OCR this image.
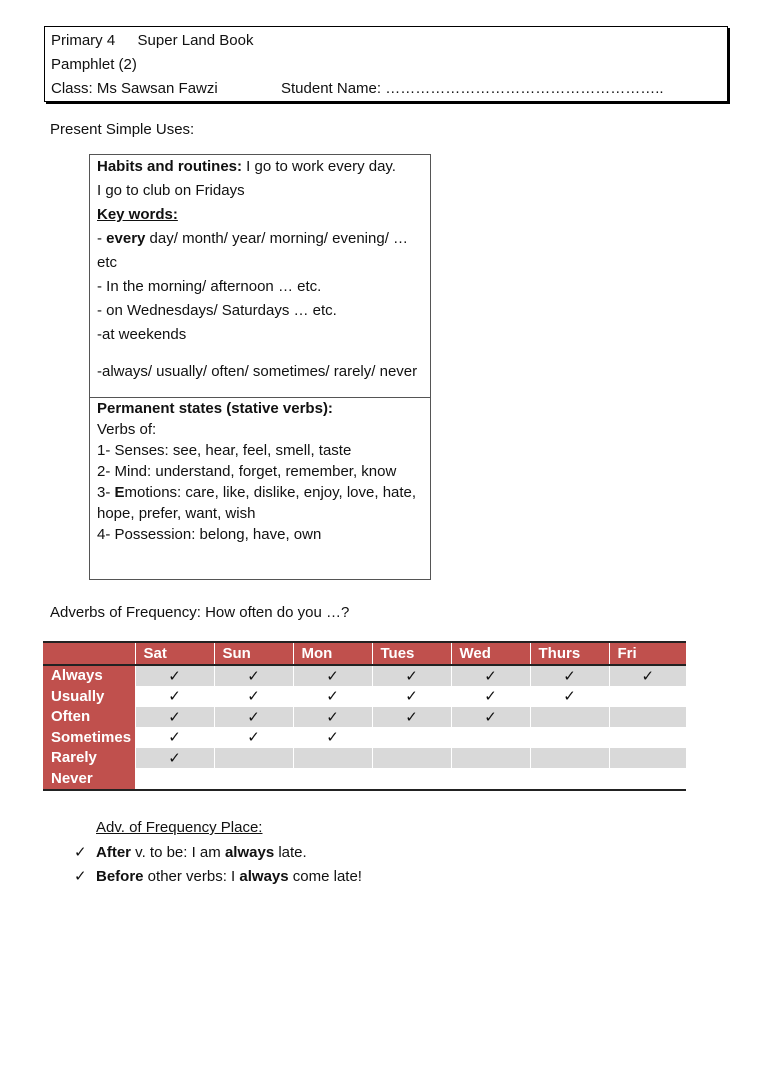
Primary 4 Super Land Book
Pamphlet (2)
Class: Ms Sawsan Fawzi	Student Name: ………………………………………………..
Present Simple Uses:
Habits and routines: I go to work every day.
I go to club on Fridays
Key words:
- every day/ month/ year/ morning/ evening/ …
etc
- In the morning/ afternoon … etc.
- on Wednesdays/ Saturdays … etc.
-at weekends
-always/ usually/ often/ sometimes/ rarely/ never
Permanent states (stative verbs):
Verbs of:
1- Senses: see, hear, feel, smell, taste
2- Mind: understand, forget, remember, know
3- Emotions: care, like, dislike, enjoy, love, hate,
hope, prefer, want, wish
4- Possession: belong, have, own
Adverbs of Frequency: How often do you …?
	Sat	Sun	Mon	Tues	Wed	Thurs	Fri
Always	✓	✓	✓	✓	✓	✓	✓
Usually	✓	✓	✓	✓	✓	✓	
Often	✓	✓	✓	✓	✓		
Sometimes	✓	✓	✓				
Rarely	✓						
Never							
Adv. of Frequency Place:
✓ After v. to be: I am always late.
✓ Before other verbs: I always come late!
